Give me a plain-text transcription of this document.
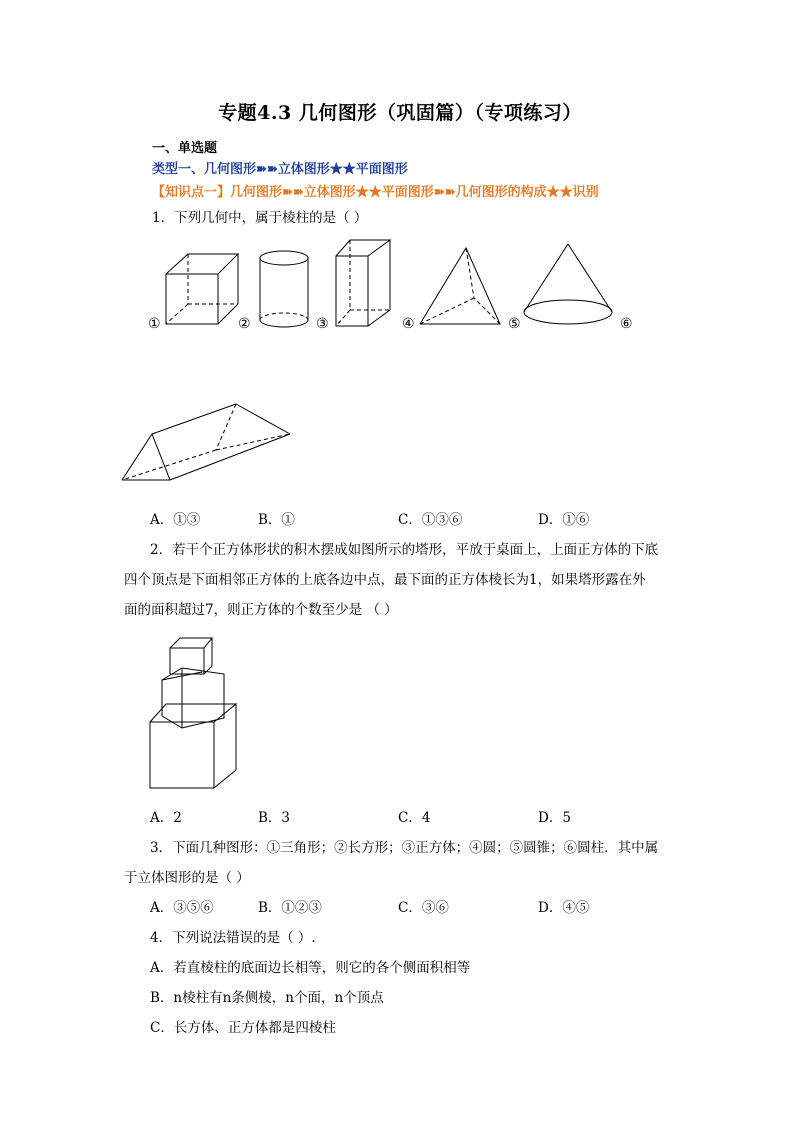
专题4.3 几何图形（巩固篇）（专项练习）
一、单选题
类型一、几何图形➽➽立体图形★★平面图形
【知识点一】几何图形➽➽立体图形★★平面图形➽➽几何图形的构成★★识别
1．下列几何中，属于棱柱的是（ ）
①	②	③	④	⑤	⑥
A．①③	B．①	C．①③⑥	D．①⑥
2．若干个正方体形状的积木摆成如图所示的塔形，平放于桌面上，上面正方体的下底
四个顶点是下面相邻正方体的上底各边中点，最下面的正方体棱长为1，如果塔形露在外
面的面积超过7，则正方体的个数至少是 （ ）
A．2	B．3	C．4	D．5
3．下面几种图形：①三角形；②长方形；③正方体；④圆；⑤圆锥；⑥圆柱．其中属
于立体图形的是（ ）
A．③⑤⑥	B．①②③	C．③⑥	D．④⑤
4．下列说法错误的是（ ）.
A．若直棱柱的底面边长相等，则它的各个侧面积相等
B．n棱柱有n条侧棱，n个面，n个顶点
C．长方体、正方体都是四棱柱
